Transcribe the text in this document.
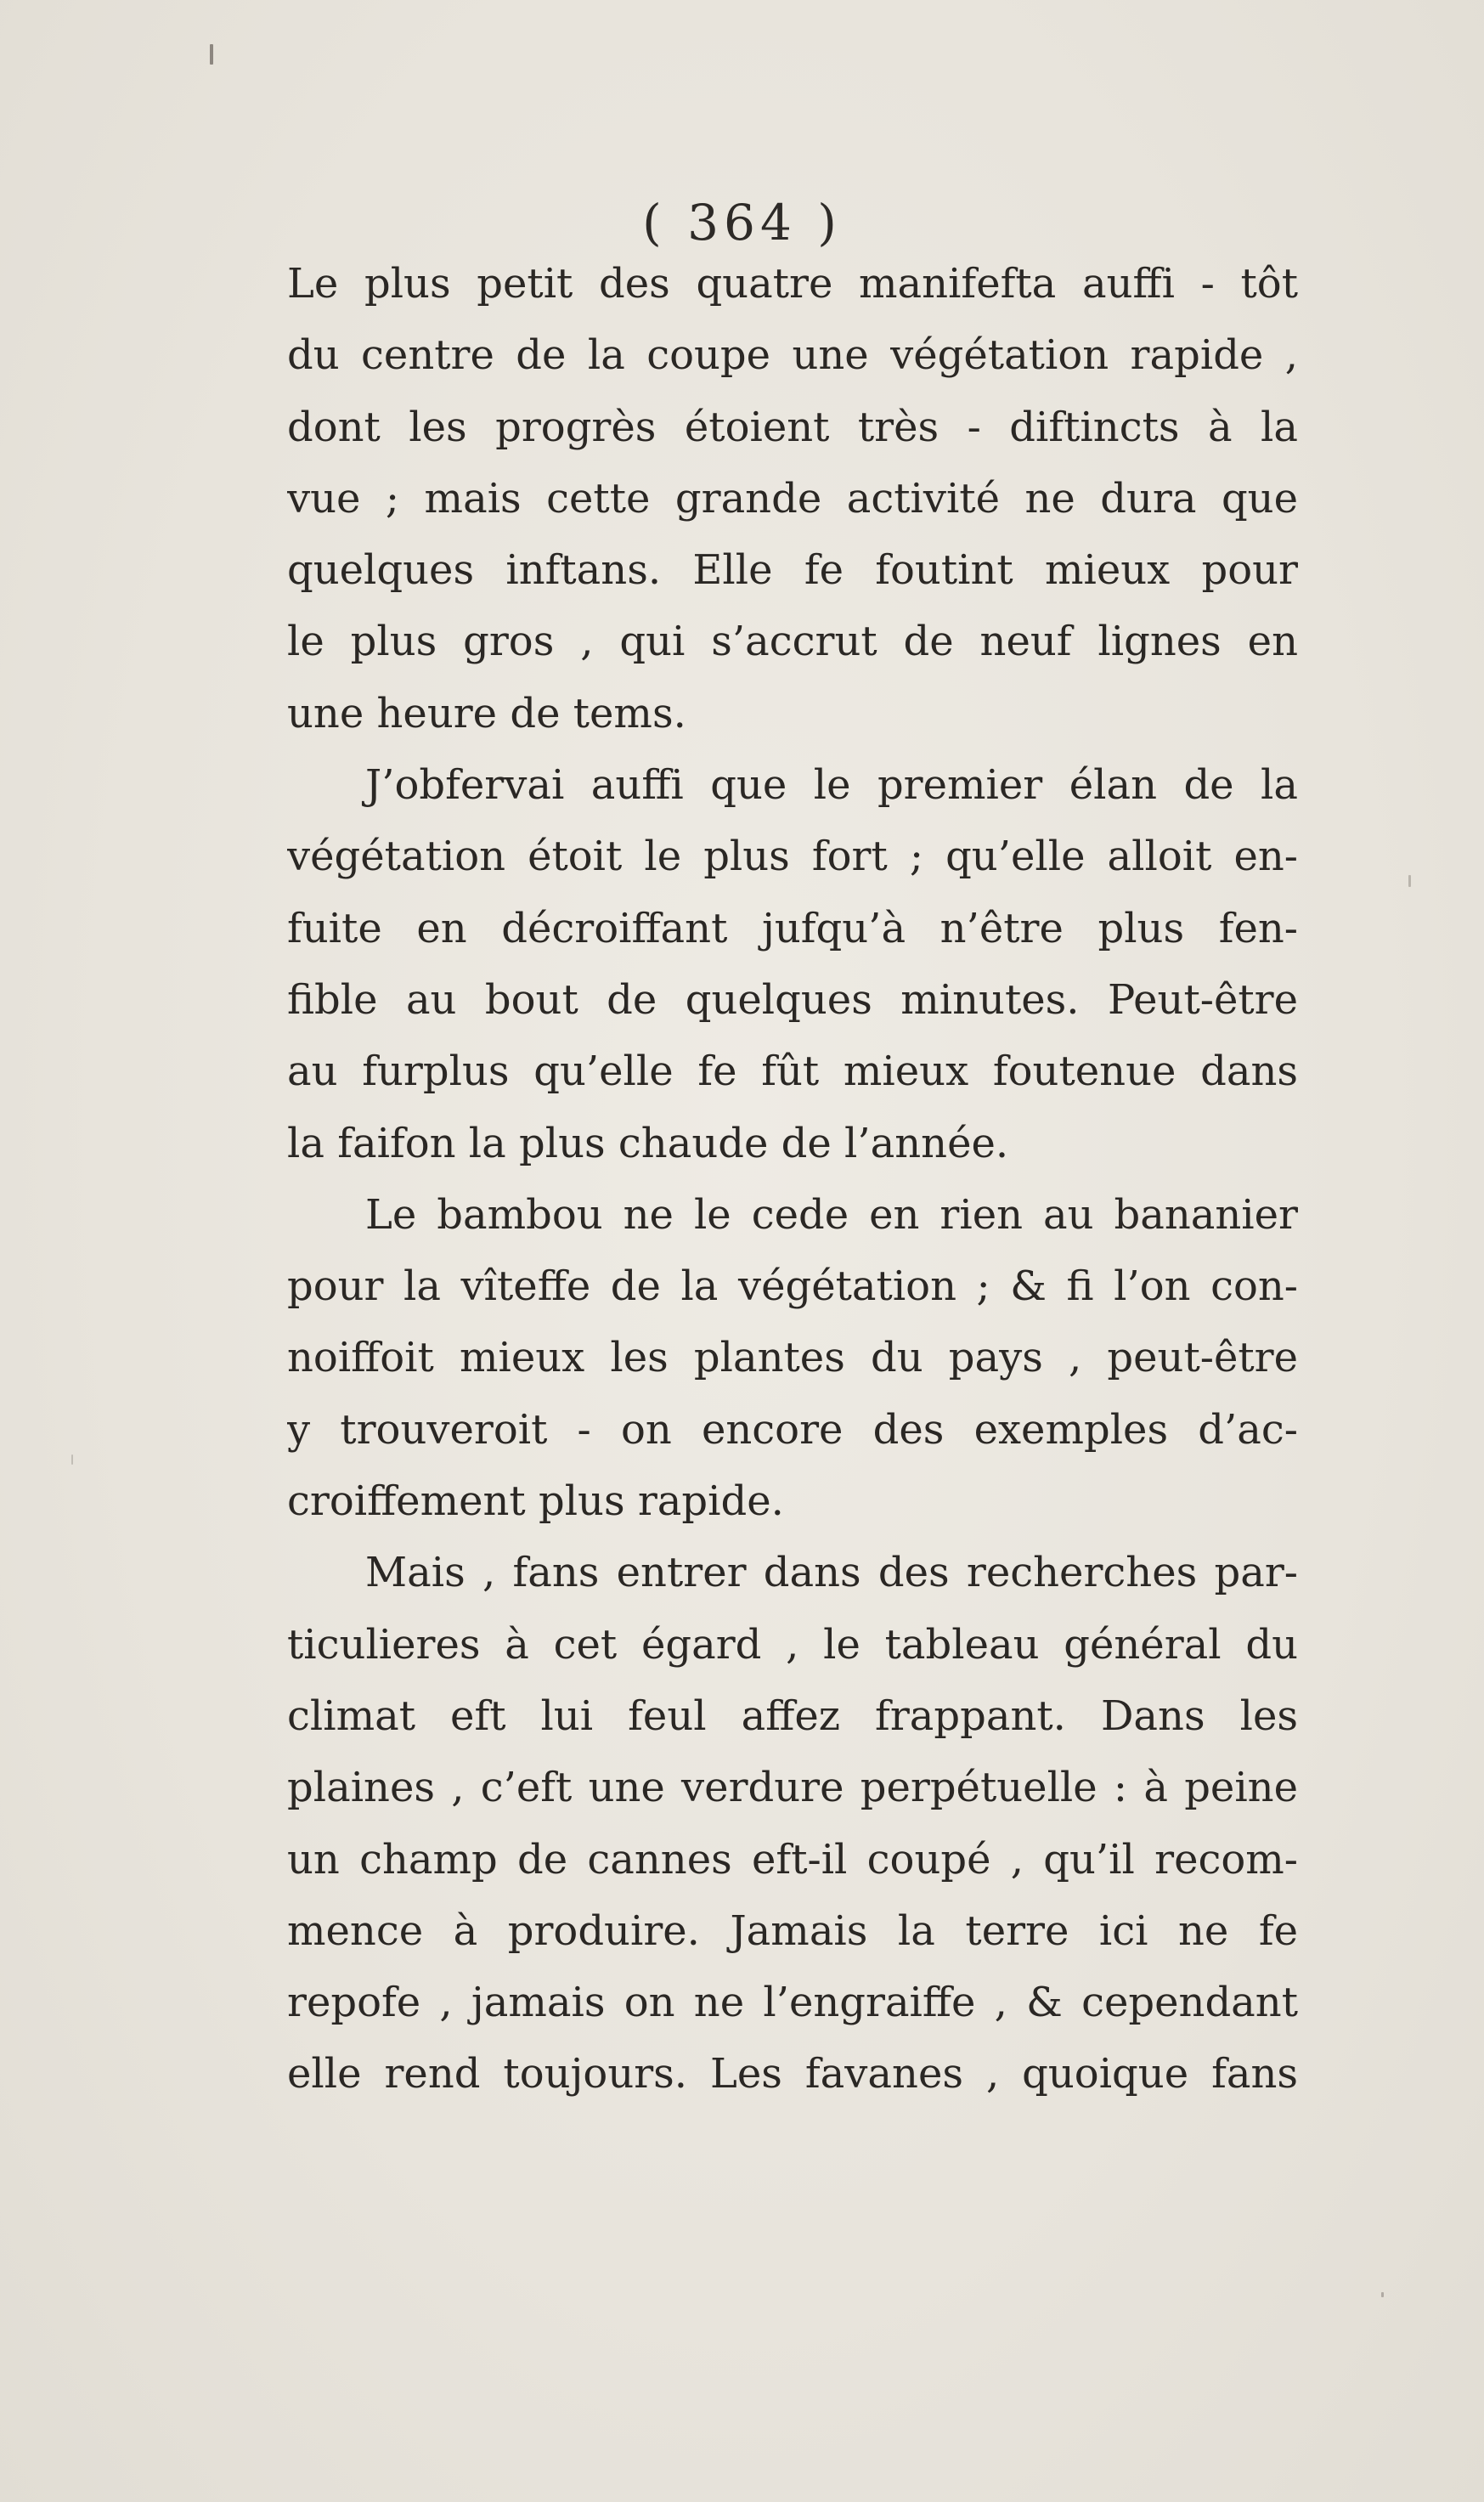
( 364 )
Le plus petit des quatre manifefta auffi - tôt
du centre de la coupe une végétation rapide ,
dont les progrès étoient très - diftincts à la
vue ; mais cette grande activité ne dura que
quelques inftans. Elle fe foutint mieux pour
le plus gros , qui s’accrut de neuf lignes en
une heure de tems.
J’obfervai auffi que le premier élan de la
végétation étoit le plus fort ; qu’elle alloit en-
fuite en décroiffant jufqu’à n’être plus fen-
fible au bout de quelques minutes. Peut-être
au furplus qu’elle fe fût mieux foutenue dans
la faifon la plus chaude de l’année.
Le bambou ne le cede en rien au bananier
pour la vîteffe de la végétation ; & fi l’on con-
noiffoit mieux les plantes du pays , peut-être
y trouveroit - on encore des exemples d’ac-
croiffement plus rapide.
Mais , fans entrer dans des recherches par-
ticulieres à cet égard , le tableau général du
climat eft lui feul affez frappant. Dans les
plaines , c’eft une verdure perpétuelle : à peine
un champ de cannes eft-il coupé , qu’il recom-
mence à produire. Jamais la terre ici ne fe
repofe , jamais on ne l’engraiffe , & cependant
elle rend toujours. Les favanes , quoique fans
